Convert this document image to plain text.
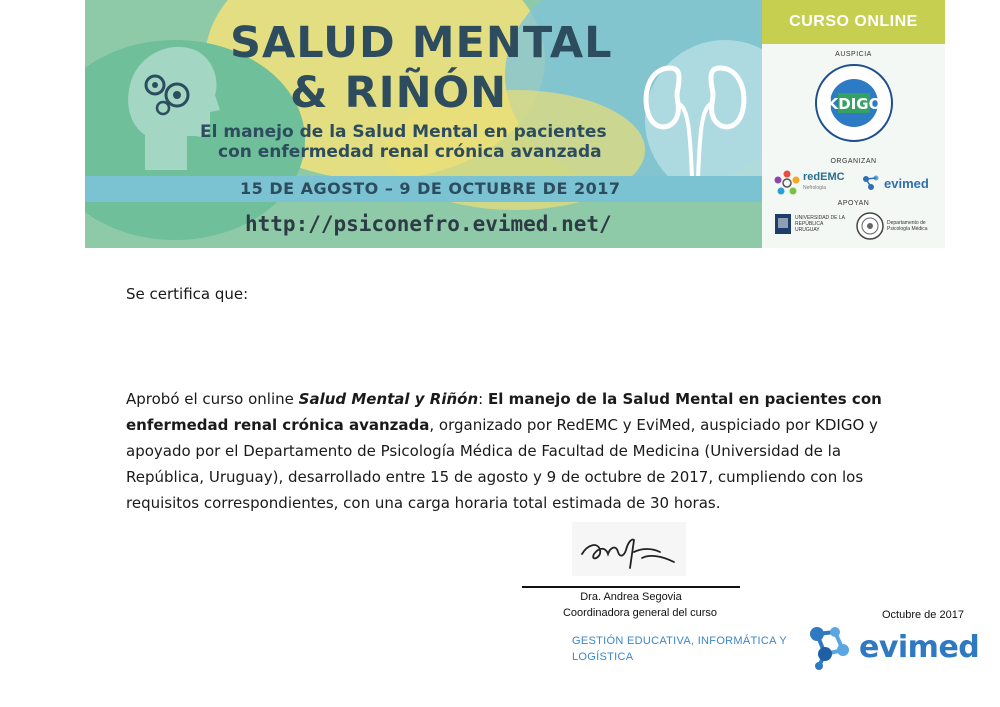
SALUD MENTAL
& RIÑÓN
El manejo de la Salud Mental en pacientes
con enfermedad renal crónica avanzada
15 DE AGOSTO – 9 DE OCTUBRE DE 2017
http://psiconefro.evimed.net/
CURSO ONLINE
AUSPICIA
KDIGO
ORGANIZAN
redEMC
Nefrología	evimed
APOYAN
UNIVERSIDAD DE LA REPÚBLICA URUGUAY
Departamento de Psicología Médica
Se certifica que:
Aprobó el curso online Salud Mental y Riñón: El manejo de la Salud Mental en pacientes con enfermedad renal crónica avanzada, organizado por RedEMC y EviMed, auspiciado por KDIGO y apoyado por el Departamento de Psicología Médica de Facultad de Medicina (Universidad de la República, Uruguay), desarrollado entre 15 de agosto y 9 de octubre de 2017, cumpliendo con los requisitos correspondientes, con una carga horaria total estimada de 30 horas.
Dra. Andrea Segovia
Coordinadora general del curso	Octubre de 2017
GESTIÓN EDUCATIVA, INFORMÁTICA Y LOGÍSTICA	evimed
